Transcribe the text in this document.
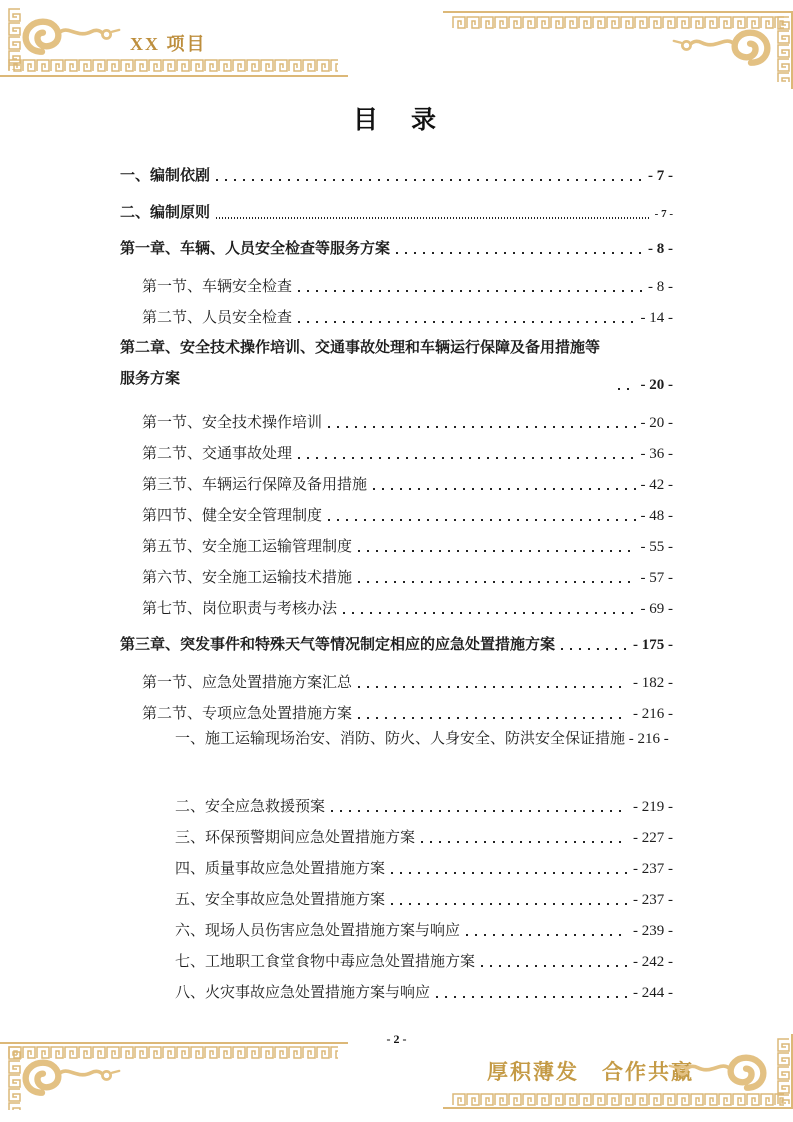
XX 项目
目　录
一、编制依剧	- 7 -
二、编制原则	- 7 -
第一章、车辆、人员安全检查等服务方案	- 8 -
第一节、车辆安全检查	- 8 -
第二节、人员安全检查	- 14 -
第二章、安全技术操作培训、交通事故处理和车辆运行保障及备用措施等服务方案	- 20 -
第一节、安全技术操作培训	- 20 -
第二节、交通事故处理	- 36 -
第三节、车辆运行保障及备用措施	- 42 -
第四节、健全安全管理制度	- 48 -
第五节、安全施工运输管理制度	- 55 -
第六节、安全施工运输技术措施	- 57 -
第七节、岗位职责与考核办法	- 69 -
第三章、突发事件和特殊天气等情况制定相应的应急处置措施方案	- 175 -
第一节、应急处置措施方案汇总	- 182 -
第二节、专项应急处置措施方案	- 216 -
一、施工运输现场治安、消防、防火、人身安全、防洪安全保证措施 - 216 -
二、安全应急救援预案	- 219 -
三、环保预警期间应急处置措施方案	- 227 -
四、质量事故应急处置措施方案	- 237 -
五、安全事故应急处置措施方案	- 237 -
六、现场人员伤害应急处置措施方案与响应	- 239 -
七、工地职工食堂食物中毒应急处置措施方案	- 242 -
八、火灾事故应急处置措施方案与响应	- 244 -
- 2 -
厚积薄发　合作共赢
